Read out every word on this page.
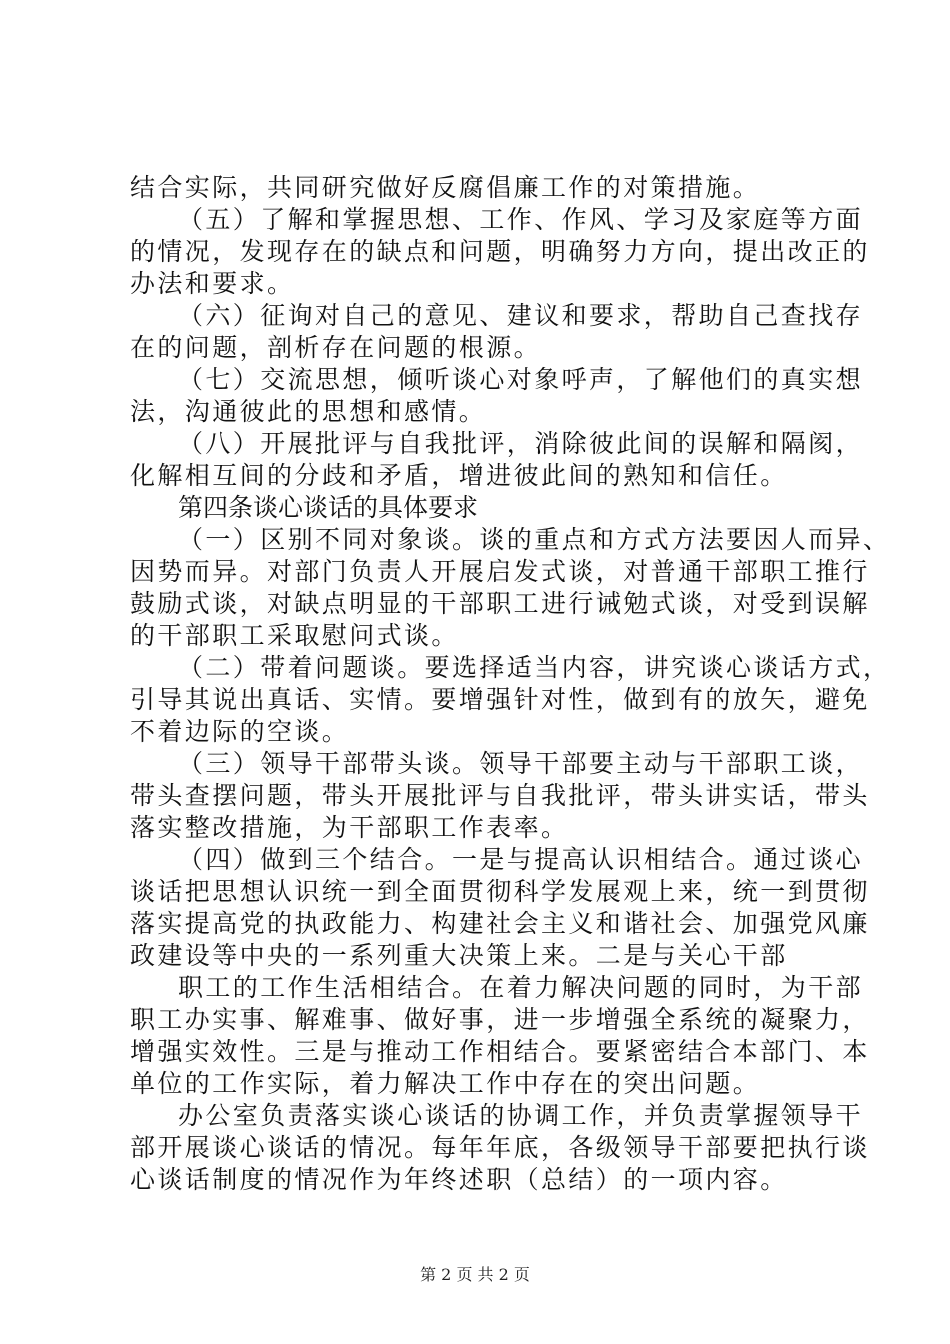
结合实际，共同研究做好反腐倡廉工作的对策措施。
（五）了解和掌握思想、工作、作风、学习及家庭等方面
的情况，发现存在的缺点和问题，明确努力方向，提出改正的
办法和要求。
（六）征询对自己的意见、建议和要求，帮助自己查找存
在的问题，剖析存在问题的根源。
（七）交流思想，倾听谈心对象呼声，了解他们的真实想
法，沟通彼此的思想和感情。
（八）开展批评与自我批评，消除彼此间的误解和隔阂，
化解相互间的分歧和矛盾，增进彼此间的熟知和信任。
第四条谈心谈话的具体要求
（一）区别不同对象谈。谈的重点和方式方法要因人而异、
因势而异。对部门负责人开展启发式谈，对普通干部职工推行
鼓励式谈，对缺点明显的干部职工进行诫勉式谈，对受到误解
的干部职工采取慰问式谈。
（二）带着问题谈。要选择适当内容，讲究谈心谈话方式，
引导其说出真话、实情。要增强针对性，做到有的放矢，避免
不着边际的空谈。
（三）领导干部带头谈。领导干部要主动与干部职工谈，
带头查摆问题，带头开展批评与自我批评，带头讲实话，带头
落实整改措施，为干部职工作表率。
（四）做到三个结合。一是与提高认识相结合。通过谈心
谈话把思想认识统一到全面贯彻科学发展观上来，统一到贯彻
落实提高党的执政能力、构建社会主义和谐社会、加强党风廉
政建设等中央的一系列重大决策上来。二是与关心干部
职工的工作生活相结合。在着力解决问题的同时，为干部
职工办实事、解难事、做好事，进一步增强全系统的凝聚力，
增强实效性。三是与推动工作相结合。要紧密结合本部门、本
单位的工作实际，着力解决工作中存在的突出问题。
办公室负责落实谈心谈话的协调工作，并负责掌握领导干
部开展谈心谈话的情况。每年年底，各级领导干部要把执行谈
心谈话制度的情况作为年终述职（总结）的一项内容。
第 2 页 共 2 页
